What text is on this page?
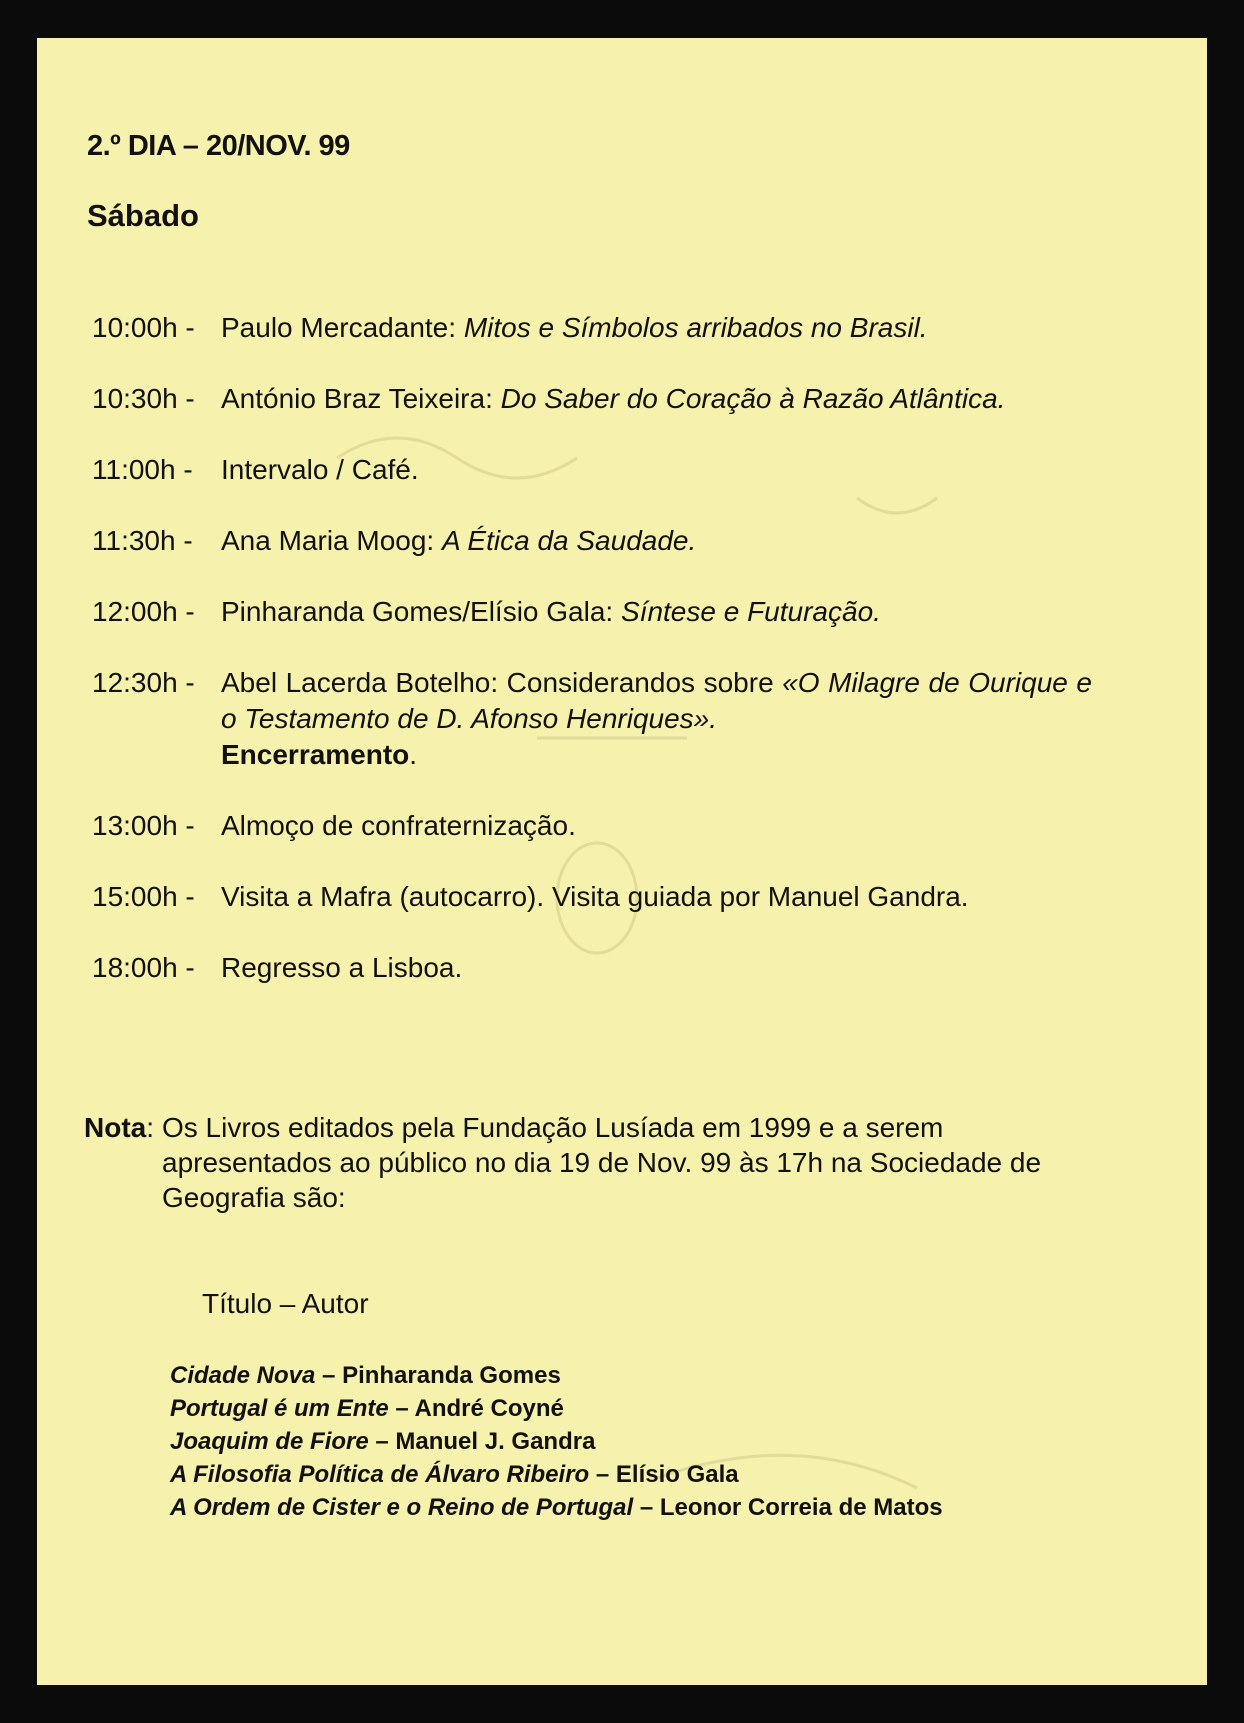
2.º DIA – 20/NOV. 99
Sábado
10:00h - Paulo Mercadante: Mitos e Símbolos arribados no Brasil.
10:30h - António Braz Teixeira: Do Saber do Coração à Razão Atlântica.
11:00h -	Intervalo / Café.
11:30h -	Ana Maria Moog: A Ética da Saudade.
12:00h - Pinharanda Gomes/Elísio Gala: Síntese e Futuração.
12:30h - Abel Lacerda Botelho: Considerandos sobre «O Milagre de Ourique e o Testamento de D. Afonso Henriques».
Encerramento.
13:00h - Almoço de confraternização.
15:00h - Visita a Mafra (autocarro). Visita guiada por Manuel Gandra.
18:00h - Regresso a Lisboa.
Nota: Os Livros editados pela Fundação Lusíada em 1999 e a serem apresentados ao público no dia 19 de Nov. 99 às 17h na Sociedade de Geografia são:
Título – Autor
Cidade Nova – Pinharanda Gomes
Portugal é um Ente – André Coyné
Joaquim de Fiore – Manuel J. Gandra
A Filosofia Política de Álvaro Ribeiro – Elísio Gala
A Ordem de Cister e o Reino de Portugal – Leonor Correia de Matos
